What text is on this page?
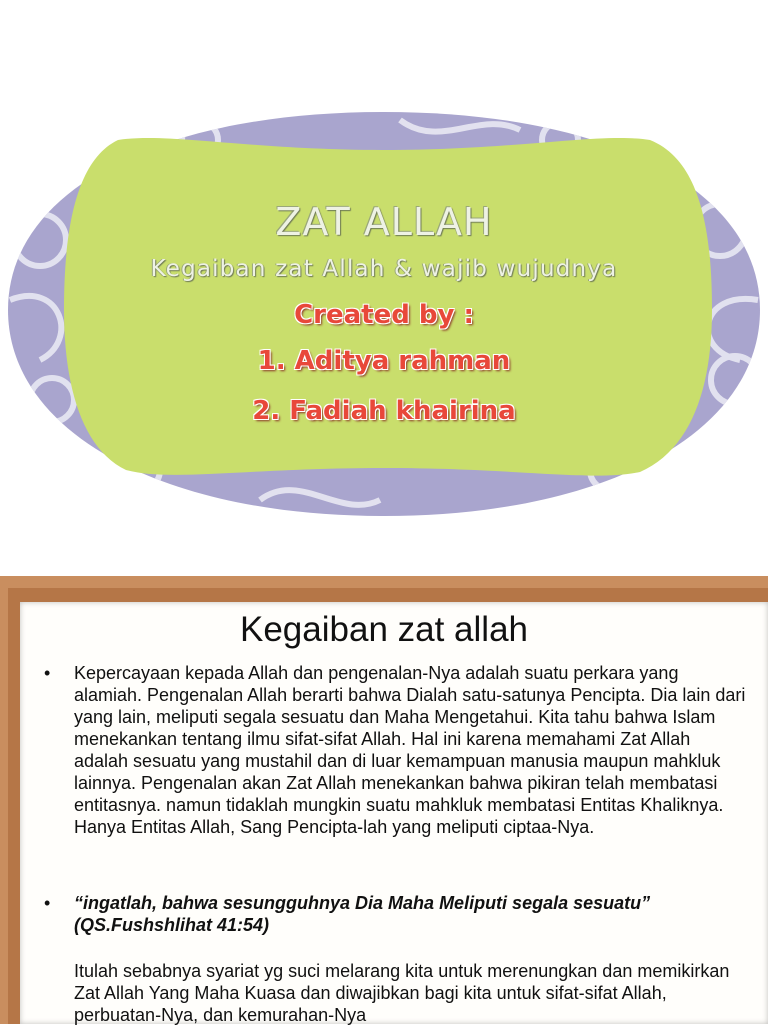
ZAT ALLAH
Kegaiban zat Allah & wajib wujudnya
Created by :
1. Aditya rahman
2. Fadiah khairina
Kegaiban zat allah
• Kepercayaan kepada Allah dan pengenalan-Nya adalah suatu perkara yang alamiah. Pengenalan Allah berarti bahwa Dialah satu-satunya Pencipta. Dia lain dari yang lain, meliputi segala sesuatu dan Maha Mengetahui. Kita tahu bahwa Islam menekankan tentang ilmu sifat-sifat Allah. Hal ini karena memahami Zat Allah adalah sesuatu yang mustahil dan di luar kemampuan manusia maupun mahkluk lainnya. Pengenalan akan Zat Allah menekankan bahwa pikiran telah membatasi entitasnya. namun tidaklah mungkin suatu mahkluk membatasi Entitas Khaliknya. Hanya Entitas Allah, Sang Pencipta-lah yang meliputi ciptaa-Nya.
• “ingatlah, bahwa sesungguhnya Dia Maha Meliputi segala sesuatu” (QS.Fushshlihat 41:54)
Itulah sebabnya syariat yg suci melarang kita untuk merenungkan dan memikirkan Zat Allah Yang Maha Kuasa dan diwajibkan bagi kita untuk sifat-sifat Allah, perbuatan-Nya, dan kemurahan-Nya
